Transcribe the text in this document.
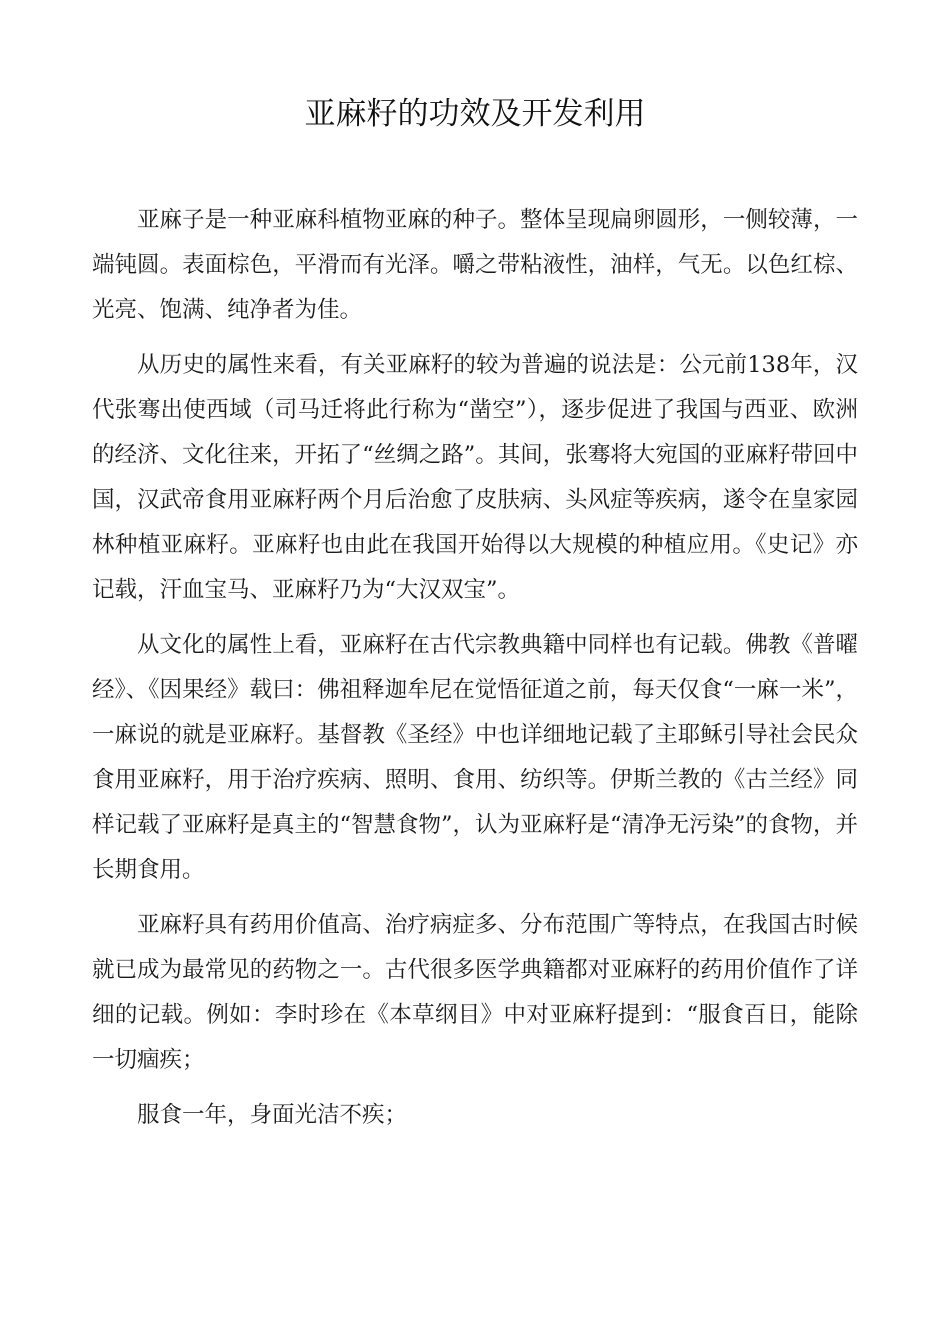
亚麻籽的功效及开发利用

亚麻子是一种亚麻科植物亚麻的种子。整体呈现扁卵圆形，一侧较薄，一端钝圆。表面棕色，平滑而有光泽。嚼之带粘液性，油样，气无。以色红棕、光亮、饱满、纯净者为佳。

从历史的属性来看，有关亚麻籽的较为普遍的说法是：公元前138年，汉代张骞出使西域（司马迁将此行称为“凿空”），逐步促进了我国与西亚、欧洲的经济、文化往来，开拓了“丝绸之路”。其间，张骞将大宛国的亚麻籽带回中国，汉武帝食用亚麻籽两个月后治愈了皮肤病、头风症等疾病，遂令在皇家园林种植亚麻籽。亚麻籽也由此在我国开始得以大规模的种植应用。《史记》亦记载，汗血宝马、亚麻籽乃为“大汉双宝”。

从文化的属性上看，亚麻籽在古代宗教典籍中同样也有记载。佛教《普曜经》、《因果经》载曰：佛祖释迦牟尼在觉悟征道之前，每天仅食“一麻一米”，一麻说的就是亚麻籽。基督教《圣经》中也详细地记载了主耶稣引导社会民众食用亚麻籽，用于治疗疾病、照明、食用、纺织等。伊斯兰教的《古兰经》同样记载了亚麻籽是真主的“智慧食物”，认为亚麻籽是“清净无污染”的食物，并长期食用。

亚麻籽具有药用价值高、治疗病症多、分布范围广等特点，在我国古时候就已成为最常见的药物之一。古代很多医学典籍都对亚麻籽的药用价值作了详细的记载。例如：李时珍在《本草纲目》中对亚麻籽提到：“服食百日，能除一切痼疾；

服食一年，身面光洁不疾；
